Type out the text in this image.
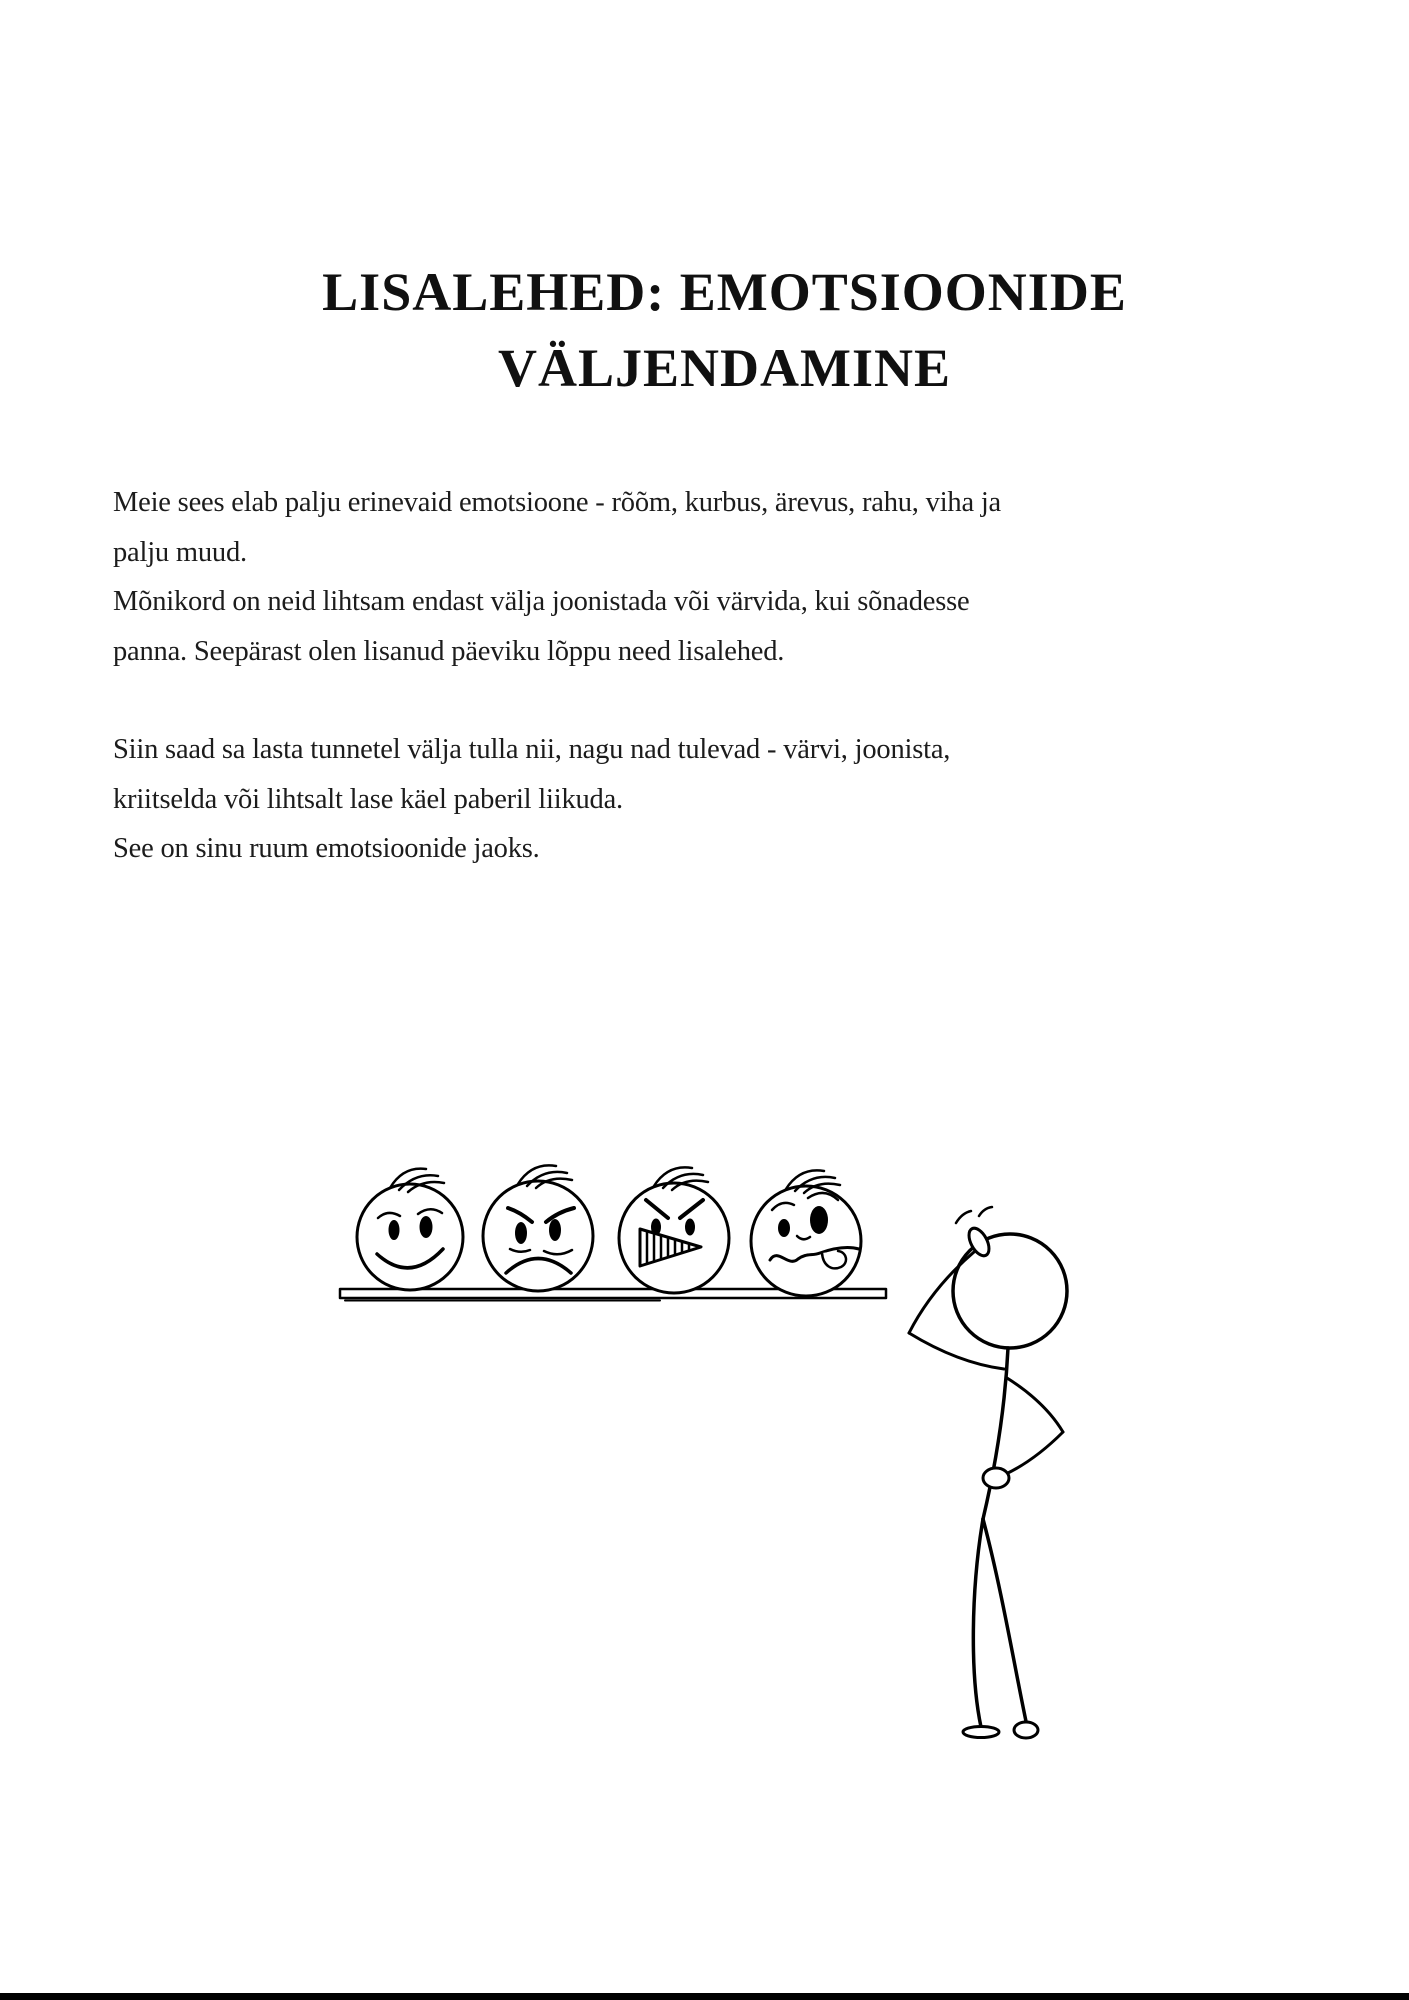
LISALEHED: EMOTSIOONIDE
VÄLJENDAMINE
Meie sees elab palju erinevaid emotsioone - rõõm, kurbus, ärevus, rahu, viha ja
palju muud.
Mõnikord on neid lihtsam endast välja joonistada või värvida, kui sõnadesse
panna. Seepärast olen lisanud päeviku lõppu need lisalehed.
Siin saad sa lasta tunnetel välja tulla nii, nagu nad tulevad - värvi, joonista,
kriitselda või lihtsalt lase käel paberil liikuda.
See on sinu ruum emotsioonide jaoks.
